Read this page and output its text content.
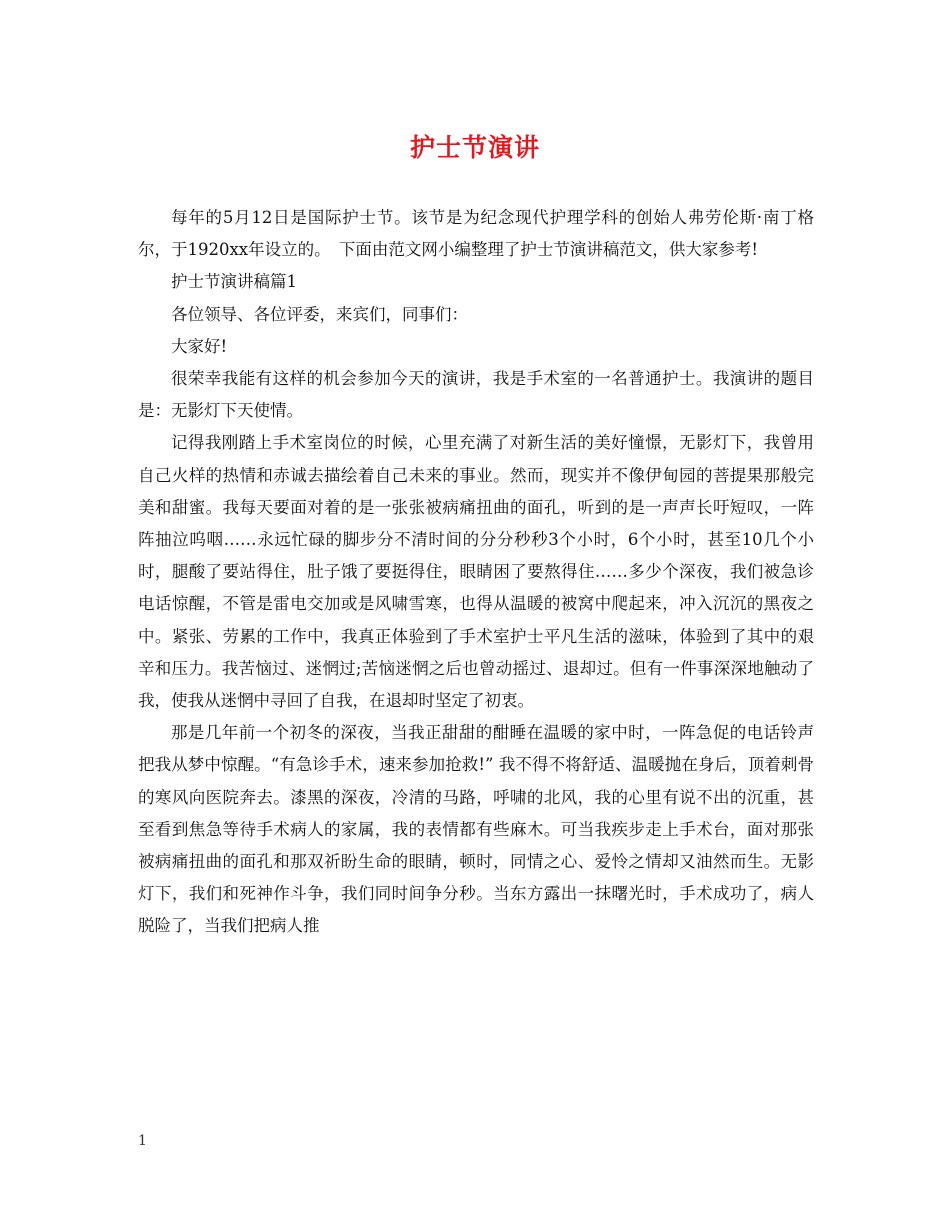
护士节演讲

每年的5月12日是国际护士节。该节是为纪念现代护理学科的创始人弗劳伦斯·南丁格尔，于1920xx年设立的。　下面由范文网小编整理了护士节演讲稿范文，供大家参考!

护士节演讲稿篇1

各位领导、各位评委，来宾们，同事们：

大家好!

很荣幸我能有这样的机会参加今天的演讲，我是手术室的一名普通护士。我演讲的题目是：无影灯下天使情。

记得我刚踏上手术室岗位的时候，心里充满了对新生活的美好憧憬，无影灯下，我曾用自己火样的热情和赤诚去描绘着自己未来的事业。然而，现实并不像伊甸园的菩提果那般完美和甜蜜。我每天要面对着的是一张张被病痛扭曲的面孔，听到的是一声声长吁短叹，一阵阵抽泣呜咽……永远忙碌的脚步分不清时间的分分秒秒3个小时，6个小时，甚至10几个小时，腿酸了要站得住，肚子饿了要挺得住，眼睛困了要熬得住……多少个深夜，我们被急诊电话惊醒，不管是雷电交加或是风啸雪寒，也得从温暖的被窝中爬起来，冲入沉沉的黑夜之中。紧张、劳累的工作中，我真正体验到了手术室护士平凡生活的滋味，体验到了其中的艰辛和压力。我苦恼过、迷惘过;苦恼迷惘之后也曾动摇过、退却过。但有一件事深深地触动了我，使我从迷惘中寻回了自我，在退却时坚定了初衷。

那是几年前一个初冬的深夜，当我正甜甜的酣睡在温暖的家中时，一阵急促的电话铃声把我从梦中惊醒。“有急诊手术，速来参加抢救!” 我不得不将舒适、温暖抛在身后，顶着刺骨的寒风向医院奔去。漆黑的深夜，冷清的马路，呼啸的北风，我的心里有说不出的沉重，甚至看到焦急等待手术病人的家属，我的表情都有些麻木。可当我疾步走上手术台，面对那张被病痛扭曲的面孔和那双祈盼生命的眼睛，顿时，同情之心、爱怜之情却又油然而生。无影灯下，我们和死神作斗争，我们同时间争分秒。当东方露出一抹曙光时，手术成功了，病人脱险了，当我们把病人推

1
